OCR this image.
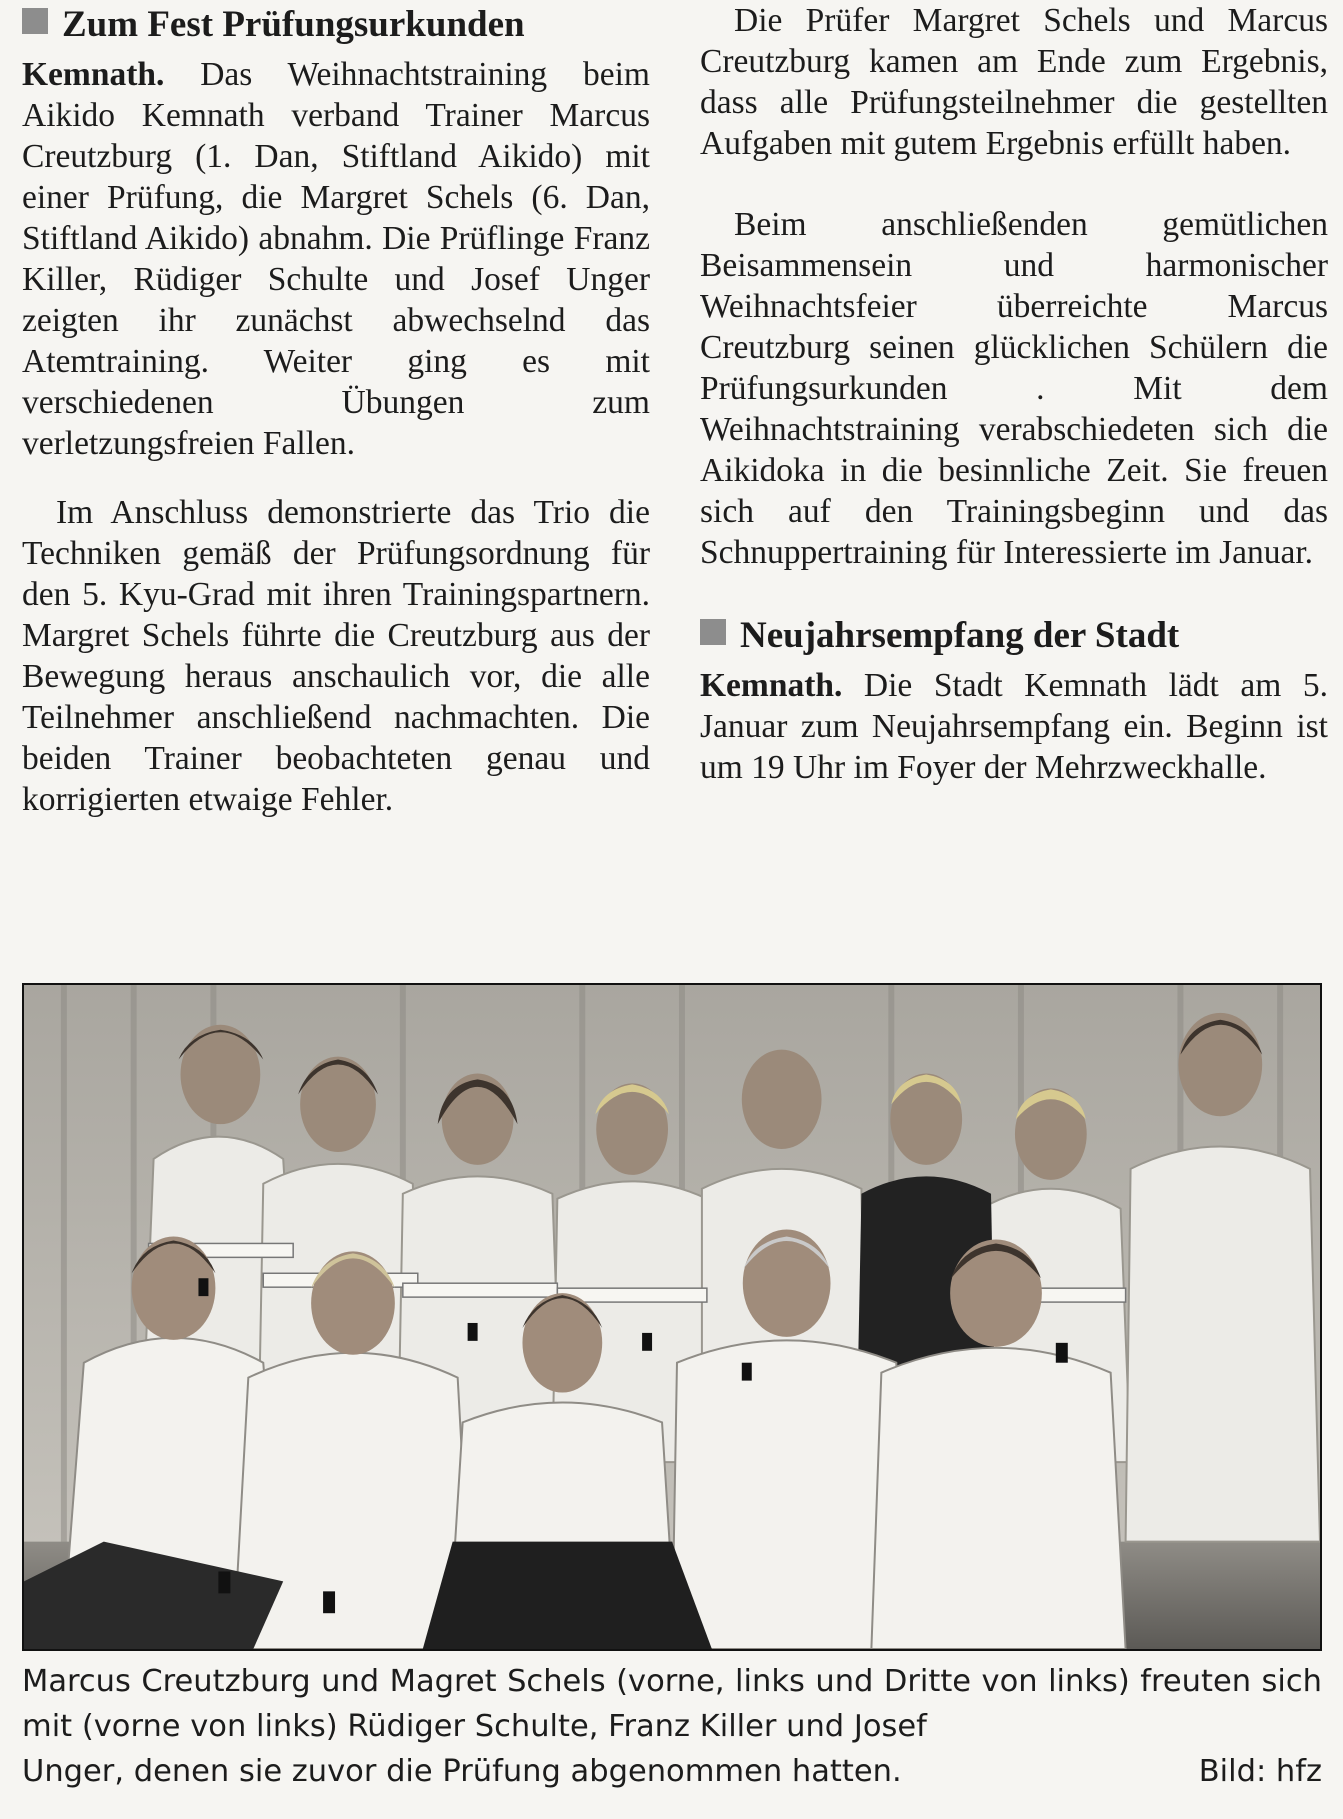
Zum Fest Prüfungsurkunden

Kemnath. Das Weihnachtstraining beim Aikido Kemnath verband Trainer Marcus Creutzburg (1. Dan, Stiftland Aikido) mit einer Prüfung, die Margret Schels (6. Dan, Stiftland Aikido) abnahm. Die Prüflinge Franz Killer, Rüdiger Schulte und Josef Unger zeigten ihr zunächst abwechselnd das Atemtraining. Weiter ging es mit verschiedenen Übungen zum verletzungsfreien Fallen.

Im Anschluss demonstrierte das Trio die Techniken gemäß der Prüfungsordnung für den 5. Kyu-Grad mit ihren Trainingspartnern. Margret Schels führte die Creutzburg aus der Bewegung heraus anschaulich vor, die alle Teilnehmer anschließend nachmachten. Die beiden Trainer beobachteten genau und korrigierten etwaige Fehler.

Die Prüfer Margret Schels und Marcus Creutzburg kamen am Ende zum Ergebnis, dass alle Prüfungsteilnehmer die gestellten Aufgaben mit gutem Ergebnis erfüllt haben.

Beim anschließenden gemütlichen Beisammensein und harmonischer Weihnachtsfeier überreichte Marcus Creutzburg seinen glücklichen Schülern die Prüfungsurkunden . Mit dem Weihnachtstraining verabschiedeten sich die Aikidoka in die besinnliche Zeit. Sie freuen sich auf den Trainingsbeginn und das Schnuppertraining für Interessierte im Januar.

Neujahrsempfang der Stadt

Kemnath. Die Stadt Kemnath lädt am 5. Januar zum Neujahrsempfang ein. Beginn ist um 19 Uhr im Foyer der Mehrzweckhalle.

Marcus Creutzburg und Magret Schels (vorne, links und Dritte von links) freuten sich mit (vorne von links) Rüdiger Schulte, Franz Killer und Josef
Unger, denen sie zuvor die Prüfung abgenommen hatten.	Bild: hfz
